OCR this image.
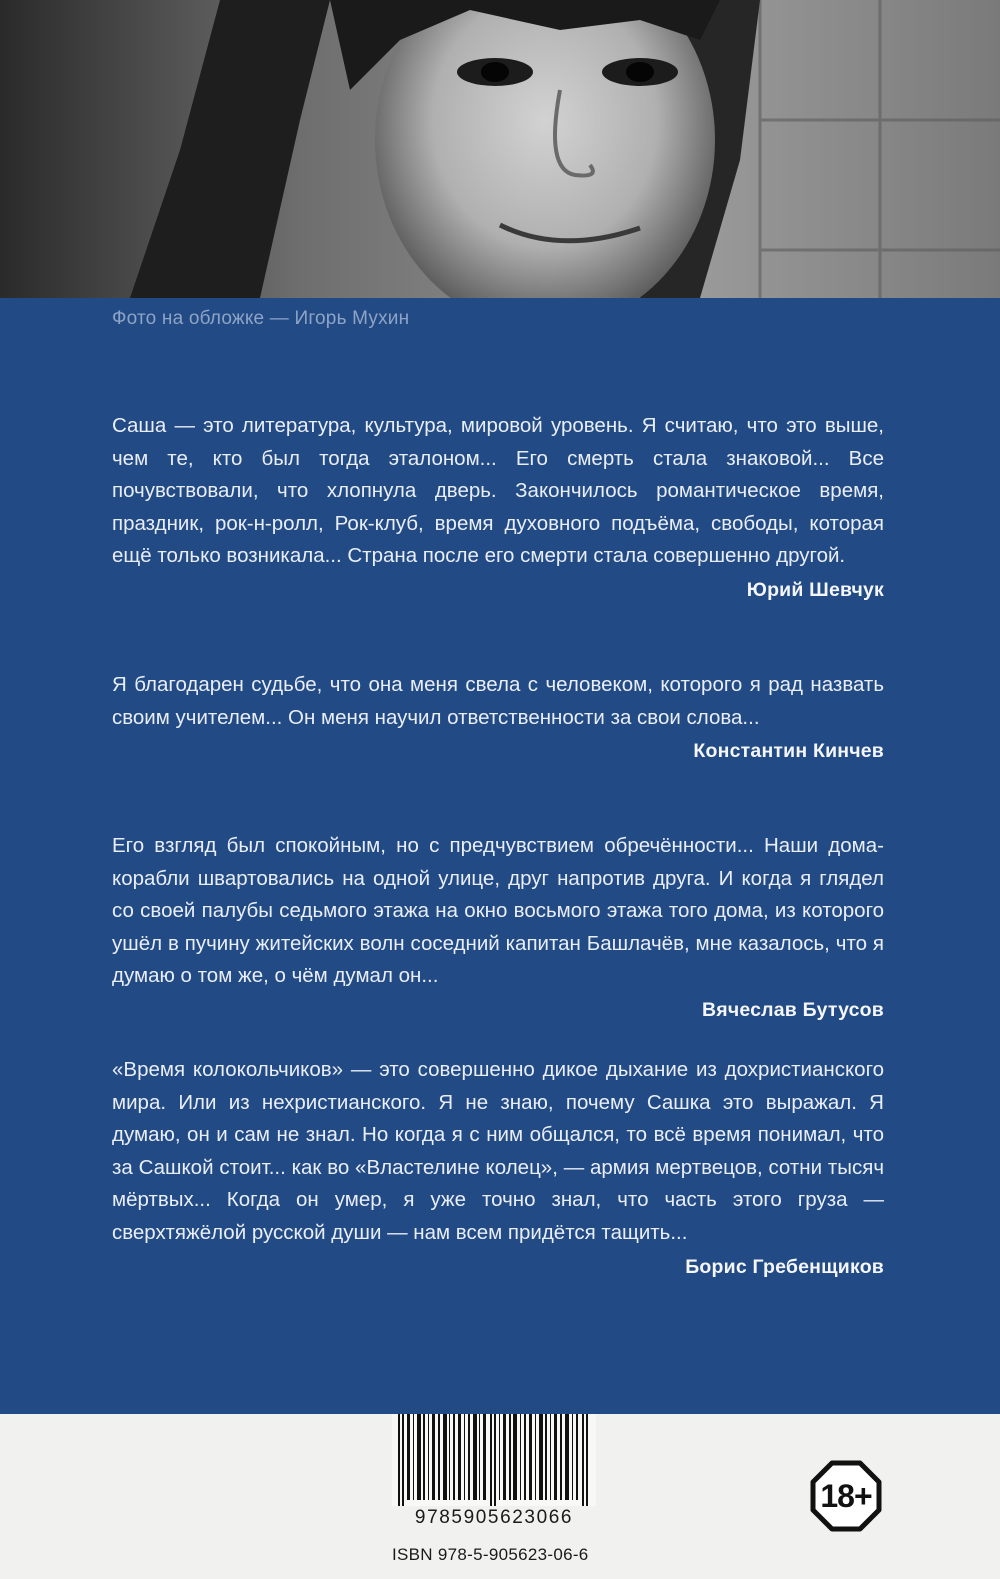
Фото на обложке — Игорь Мухин

Саша — это литература, культура, мировой уровень. Я считаю, что это выше, чем те, кто был тогда эталоном... Его смерть стала знаковой... Все почувствовали, что хлопнула дверь. Закончилось романтическое время, праздник, рок-н-ролл, Рок-клуб, время духовного подъёма, свободы, которая ещё только возникала... Страна после его смерти стала совершенно другой.

Юрий Шевчук

Я благодарен судьбе, что она меня свела с человеком, которого я рад назвать своим учителем... Он меня научил ответственности за свои слова...

Константин Кинчев

Его взгляд был спокойным, но с предчувствием обречённости... Наши дома-корабли швартовались на одной улице, друг напротив друга. И когда я глядел со своей палубы седьмого этажа на окно восьмого этажа того дома, из которого ушёл в пучину житейских волн соседний капитан Башлачёв, мне казалось, что я думаю о том же, о чём думал он...

Вячеслав Бутусов

«Время колокольчиков» — это совершенно дикое дыхание из дохристианского мира. Или из нехристианского. Я не знаю, почему Сашка это выражал. Я думаю, он и сам не знал. Но когда я с ним общался, то всё время понимал, что за Сашкой стоит... как во «Властелине колец», — армия мертвецов, сотни тысяч мёртвых... Когда он умер, я уже точно знал, что часть этого груза — сверхтяжёлой русской души — нам всем придётся тащить...

Борис Гребенщиков
9785905623066
ISBN 978-5-905623-06-6
18+
